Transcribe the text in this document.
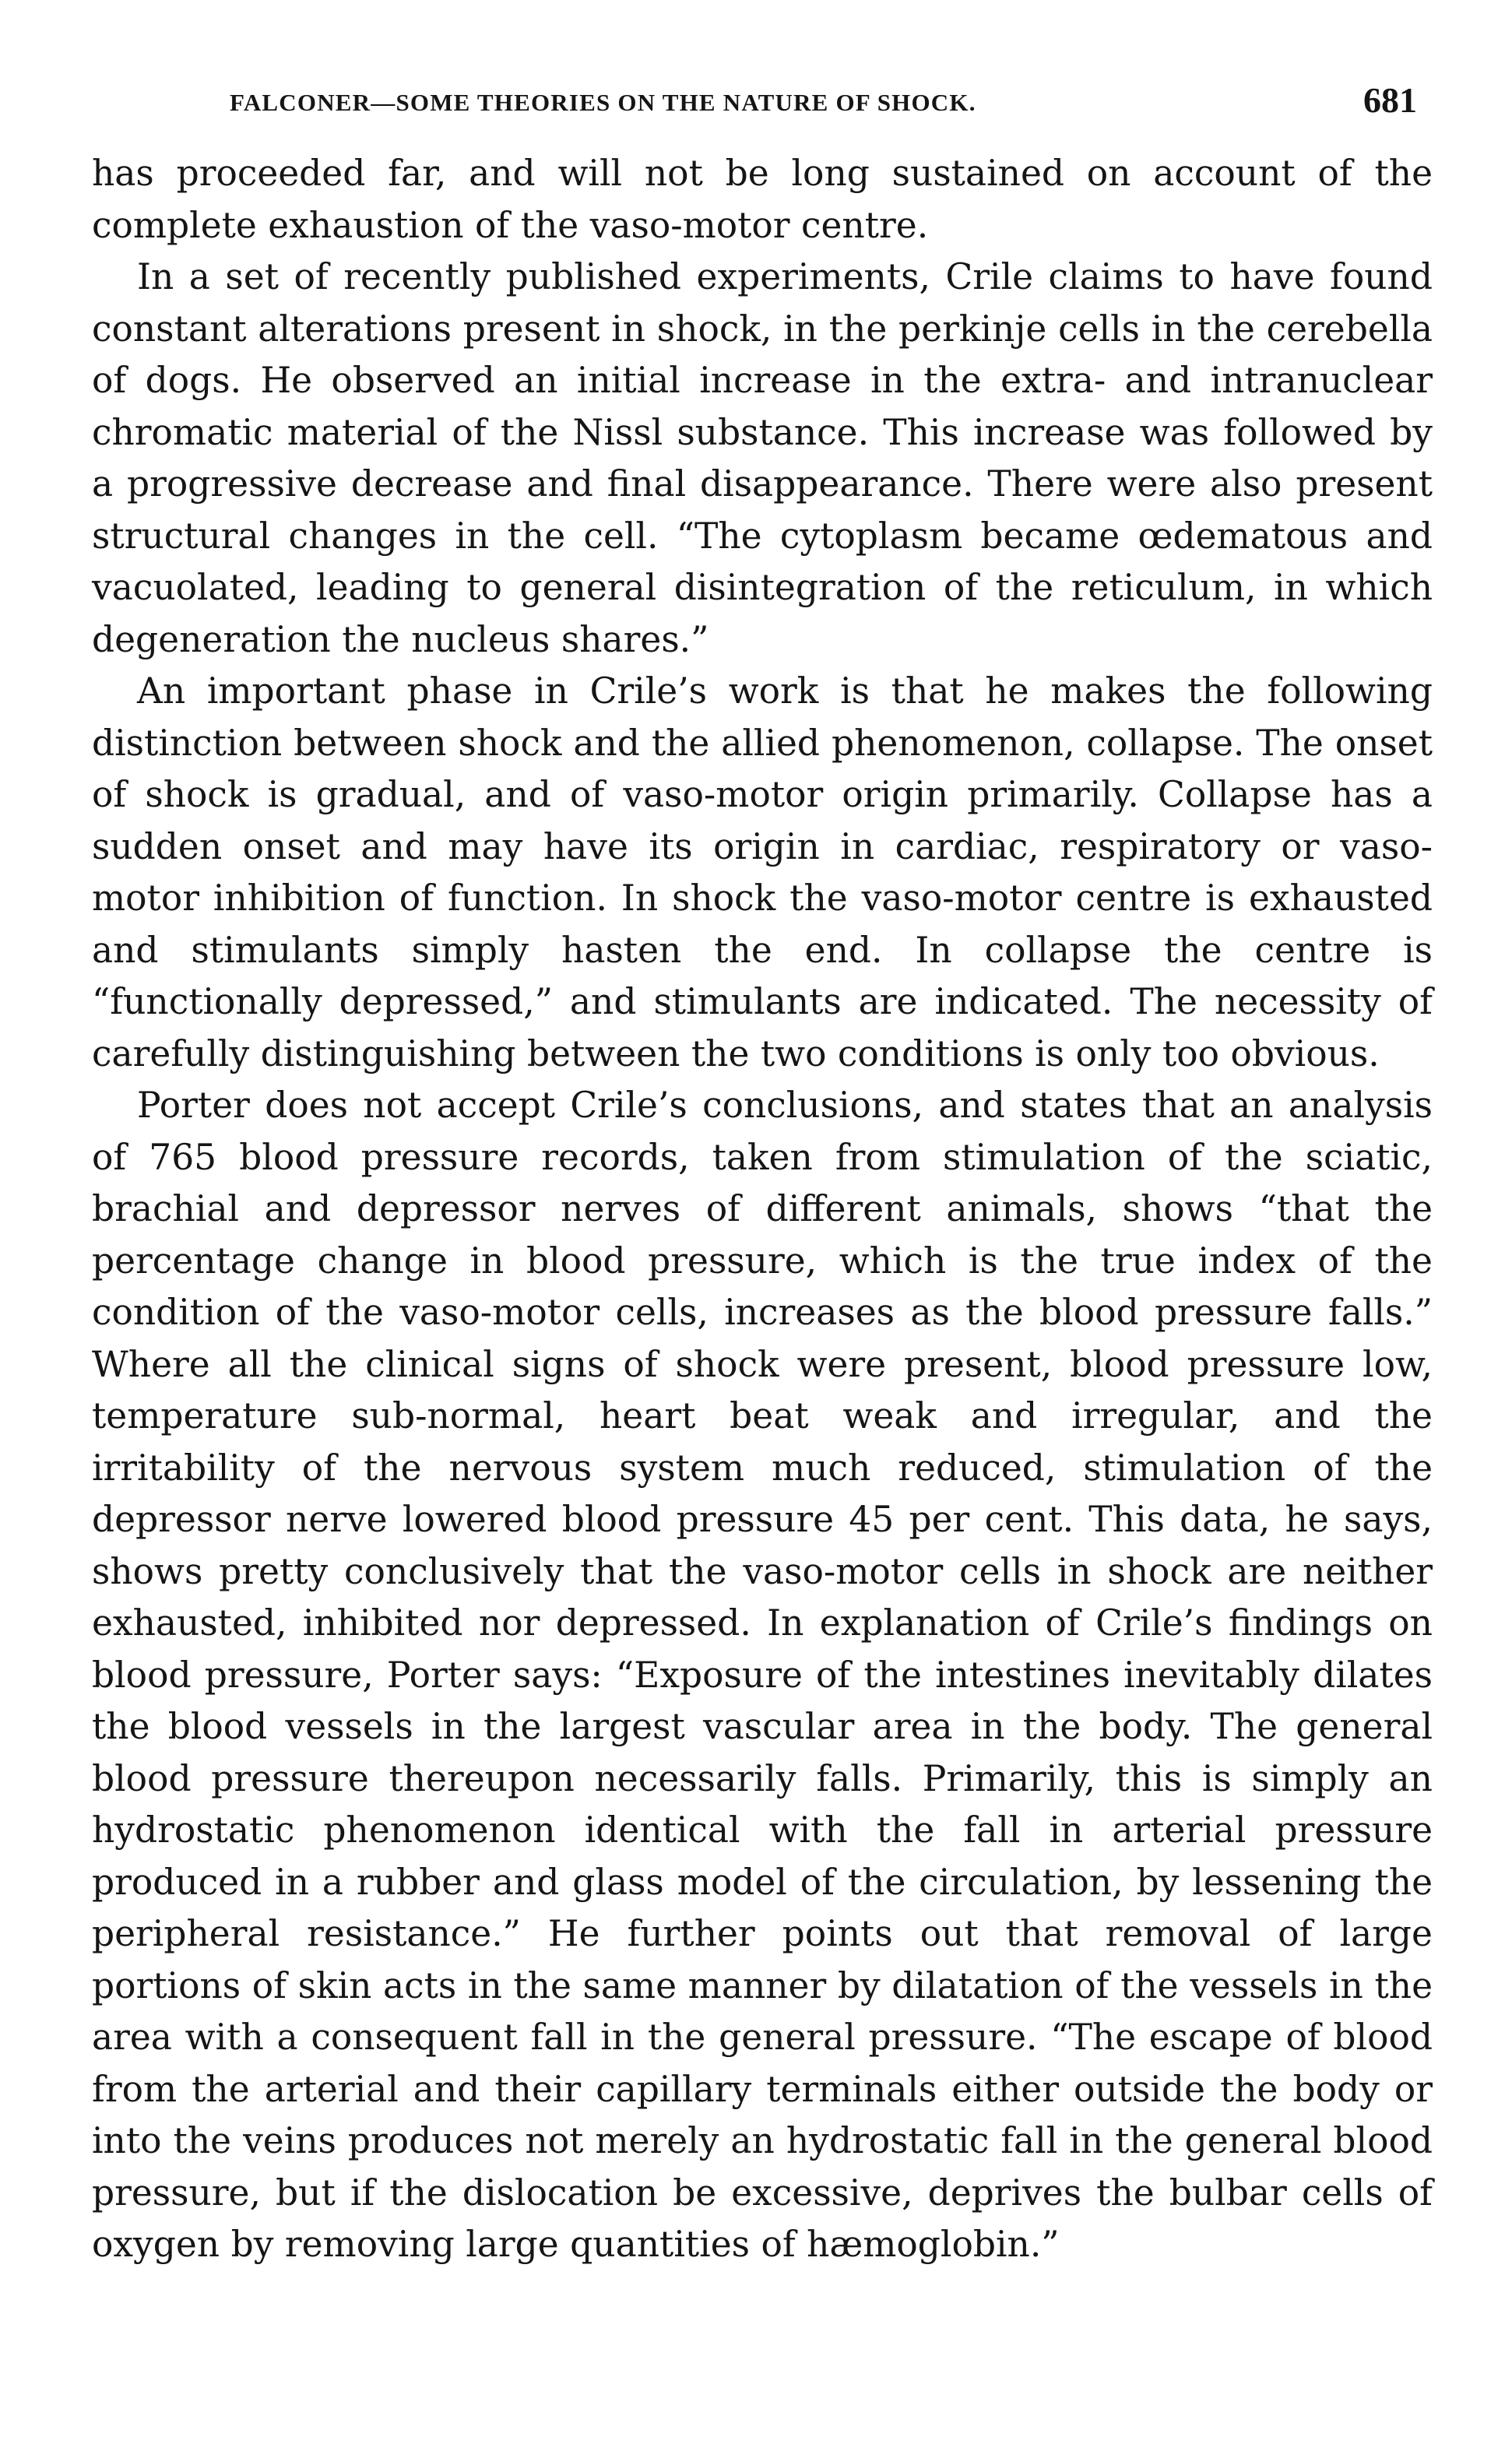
FALCONER—SOME THEORIES ON THE NATURE OF SHOCK.	681

has proceeded far, and will not be long sustained on account of the complete exhaustion of the vaso-motor centre.

In a set of recently published experiments, Crile claims to have found constant alterations present in shock, in the perkinje cells in the cerebella of dogs. He observed an initial increase in the extra- and intranuclear chromatic material of the Nissl substance. This increase was followed by a progressive decrease and final disappearance. There were also present structural changes in the cell. “The cytoplasm became œdematous and vacuolated, leading to general disintegration of the reticulum, in which degeneration the nucleus shares.”

An important phase in Crile’s work is that he makes the following distinction between shock and the allied phenomenon, collapse. The onset of shock is gradual, and of vaso-motor origin primarily. Collapse has a sudden onset and may have its origin in cardiac, respiratory or vaso-motor inhibition of function. In shock the vaso-motor centre is exhausted and stimulants simply hasten the end. In collapse the centre is “functionally depressed,” and stimulants are indicated. The necessity of carefully distinguishing between the two conditions is only too obvious.

Porter does not accept Crile’s conclusions, and states that an analysis of 765 blood pressure records, taken from stimulation of the sciatic, brachial and depressor nerves of different animals, shows “that the percentage change in blood pressure, which is the true index of the condition of the vaso-motor cells, increases as the blood pressure falls.” Where all the clinical signs of shock were present, blood pressure low, temperature sub-normal, heart beat weak and irregular, and the irritability of the nervous system much reduced, stimulation of the depressor nerve lowered blood pressure 45 per cent. This data, he says, shows pretty conclusively that the vaso-motor cells in shock are neither exhausted, inhibited nor depressed. In explanation of Crile’s findings on blood pressure, Porter says: “Exposure of the intestines inevitably dilates the blood vessels in the largest vascular area in the body. The general blood pressure thereupon necessarily falls. Primarily, this is simply an hydrostatic phenomenon identical with the fall in arterial pressure produced in a rubber and glass model of the circulation, by lessening the peripheral resistance.” He further points out that removal of large portions of skin acts in the same manner by dilatation of the vessels in the area with a consequent fall in the general pressure. “The escape of blood from the arterial and their capillary terminals either outside the body or into the veins produces not merely an hydrostatic fall in the general blood pressure, but if the dislocation be excessive, deprives the bulbar cells of oxygen by removing large quantities of hæmoglobin.”
